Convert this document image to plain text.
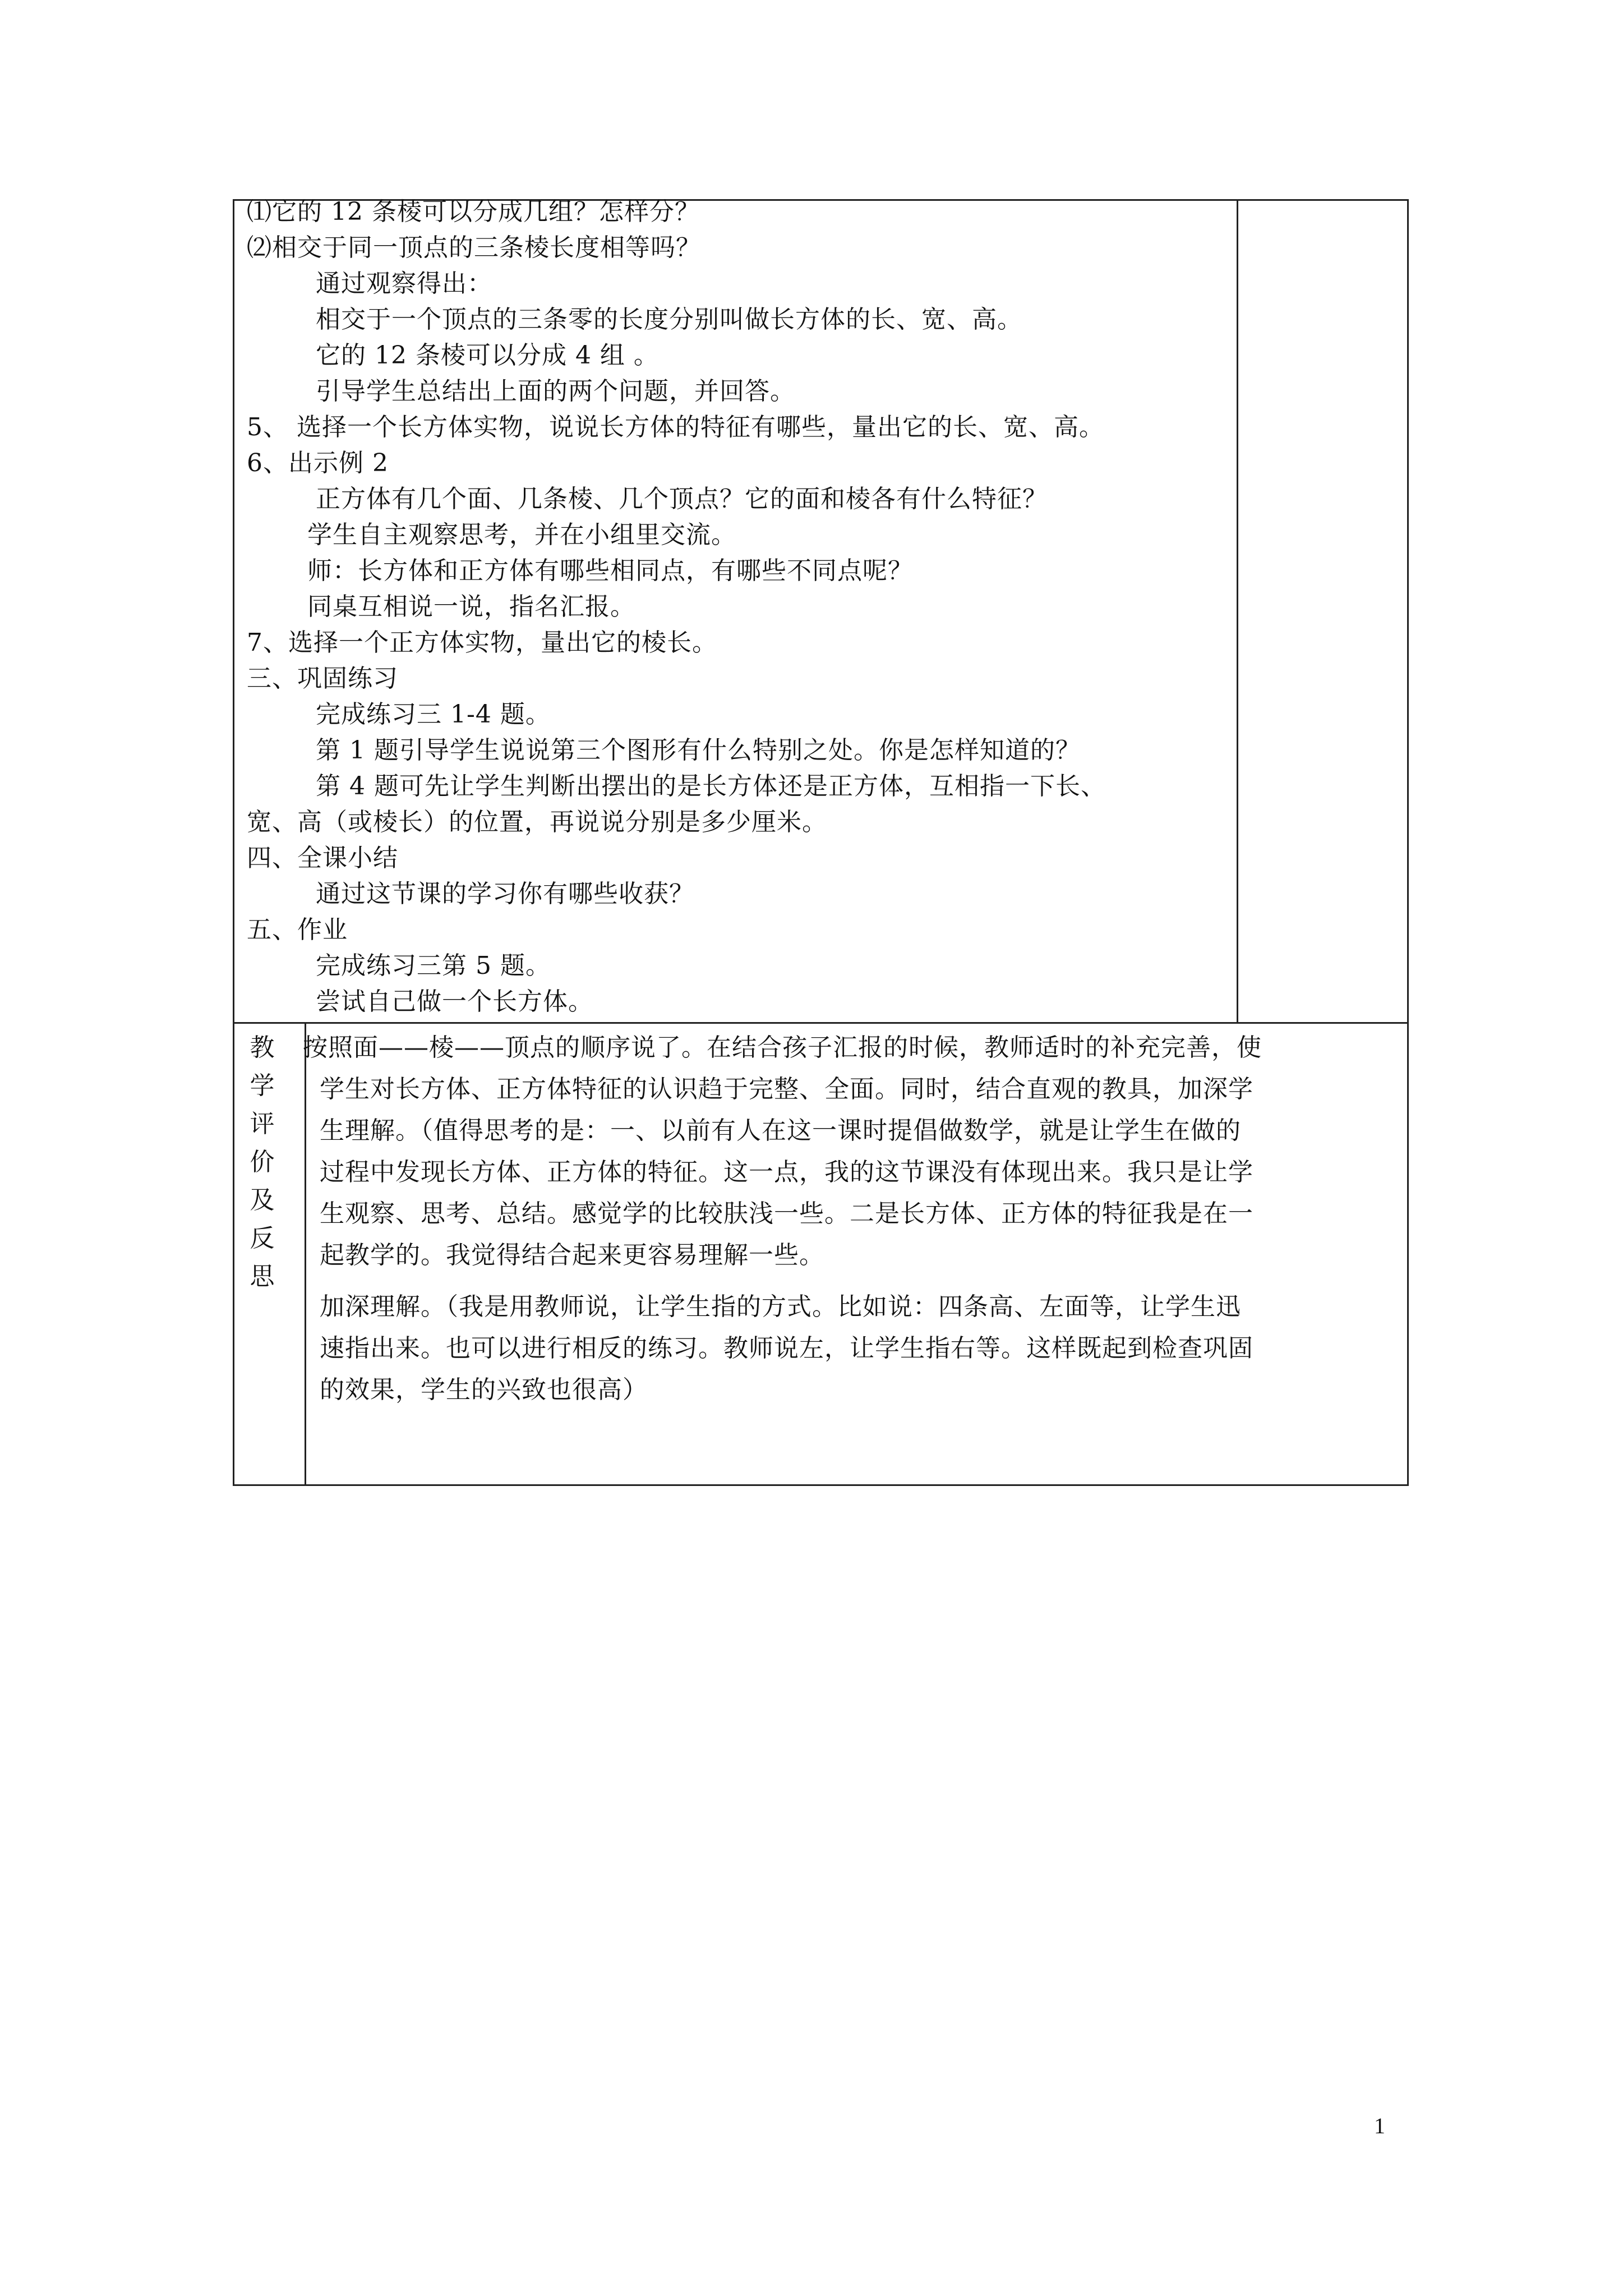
⑴它的 12 条棱可以分成几组？怎样分？
⑵相交于同一顶点的三条棱长度相等吗？
通过观察得出：
相交于一个顶点的三条零的长度分别叫做长方体的长、宽、高。
它的 12 条棱可以分成 4 组 。
引导学生总结出上面的两个问题，并回答。
5、 选择一个长方体实物，说说长方体的特征有哪些，量出它的长、宽、高。
6、出示例 2
正方体有几个面、几条棱、几个顶点？它的面和棱各有什么特征？
学生自主观察思考，并在小组里交流。
师：长方体和正方体有哪些相同点，有哪些不同点呢？
同桌互相说一说，指名汇报。
7、选择一个正方体实物，量出它的棱长。
三、巩固练习
完成练习三 1-4 题。
第 1 题引导学生说说第三个图形有什么特别之处。你是怎样知道的？
第 4 题可先让学生判断出摆出的是长方体还是正方体，互相指一下长、
宽、高（或棱长）的位置，再说说分别是多少厘米。
四、全课小结
通过这节课的学习你有哪些收获？
五、作业
完成练习三第 5 题。
尝试自己做一个长方体。
教
学
评
价
及
反
思
按照面——棱——顶点的顺序说了。在结合孩子汇报的时候，教师适时的补充完善，使
学生对长方体、正方体特征的认识趋于完整、全面。同时，结合直观的教具，加深学
生理解。（值得思考的是：一、以前有人在这一课时提倡做数学，就是让学生在做的
过程中发现长方体、正方体的特征。这一点，我的这节课没有体现出来。我只是让学
生观察、思考、总结。感觉学的比较肤浅一些。二是长方体、正方体的特征我是在一
起教学的。我觉得结合起来更容易理解一些。
加深理解。（我是用教师说，让学生指的方式。比如说：四条高、左面等，让学生迅
速指出来。也可以进行相反的练习。教师说左，让学生指右等。这样既起到检查巩固
的效果，学生的兴致也很高）
1
